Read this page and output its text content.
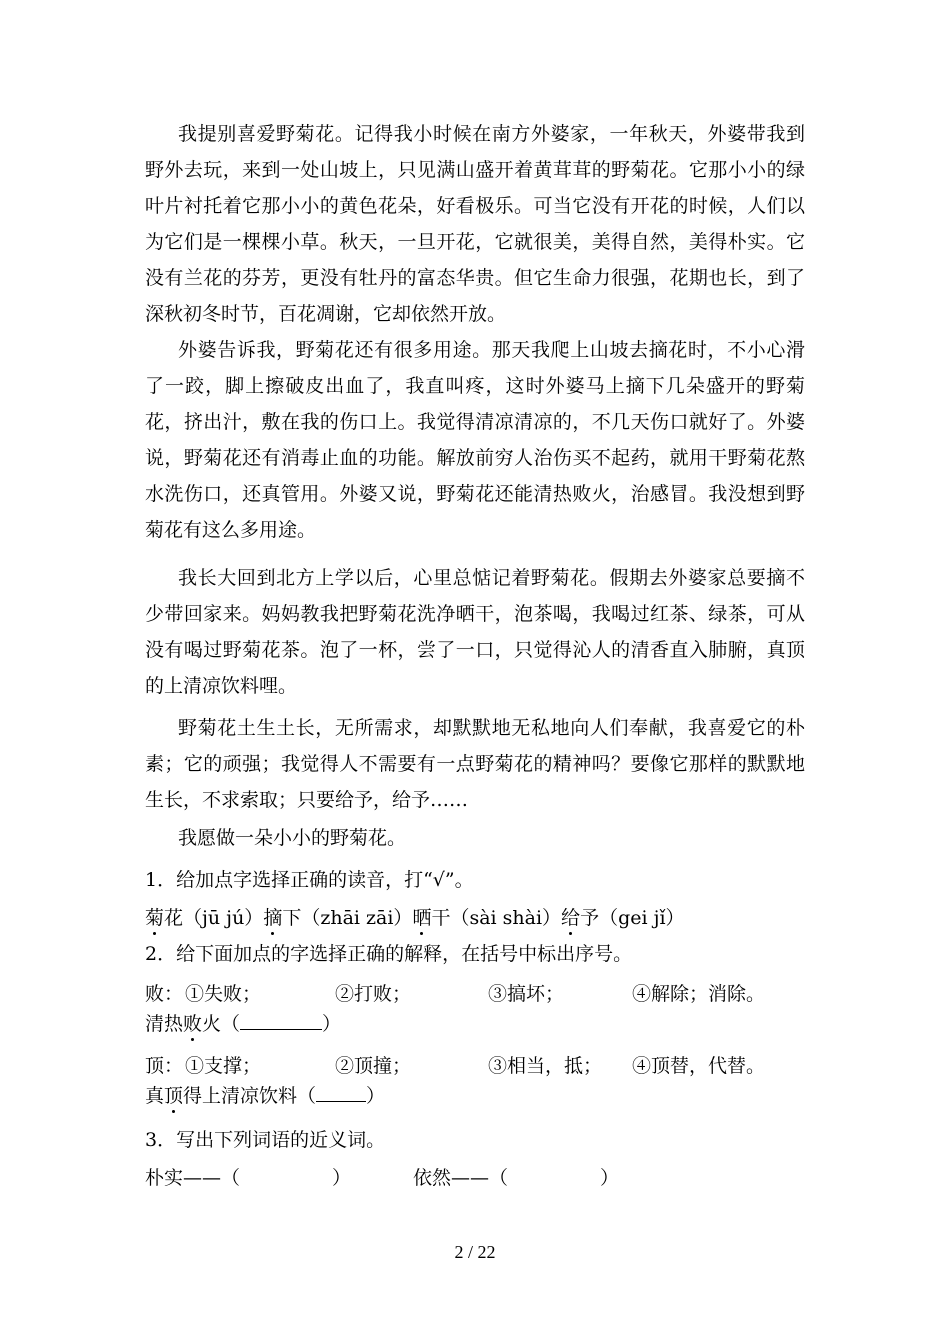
我提别喜爱野菊花。记得我小时候在南方外婆家，一年秋天，外婆带我到
野外去玩，来到一处山坡上，只见满山盛开着黄茸茸的野菊花。它那小小的绿
叶片衬托着它那小小的黄色花朵，好看极乐。可当它没有开花的时候，人们以
为它们是一棵棵小草。秋天，一旦开花，它就很美，美得自然，美得朴实。它
没有兰花的芬芳，更没有牡丹的富态华贵。但它生命力很强，花期也长，到了
深秋初冬时节，百花凋谢，它却依然开放。
外婆告诉我，野菊花还有很多用途。那天我爬上山坡去摘花时，不小心滑
了一跤，脚上擦破皮出血了，我直叫疼，这时外婆马上摘下几朵盛开的野菊
花，挤出汁，敷在我的伤口上。我觉得清凉清凉的，不几天伤口就好了。外婆
说，野菊花还有消毒止血的功能。解放前穷人治伤买不起药，就用干野菊花熬
水洗伤口，还真管用。外婆又说，野菊花还能清热败火，治感冒。我没想到野
菊花有这么多用途。
我长大回到北方上学以后，心里总惦记着野菊花。假期去外婆家总要摘不
少带回家来。妈妈教我把野菊花洗净晒干，泡茶喝，我喝过红茶、绿茶，可从
没有喝过野菊花茶。泡了一杯，尝了一口，只觉得沁人的清香直入肺腑，真顶
的上清凉饮料哩。
野菊花土生土长，无所需求，却默默地无私地向人们奉献，我喜爱它的朴
素；它的顽强；我觉得人不需要有一点野菊花的精神吗？要像它那样的默默地
生长，不求索取；只要给予，给予……
我愿做一朵小小的野菊花。
1．给加点字选择正确的读音，打“√”。
菊花（jū jú）摘下（zhāi zāi）晒干（sài shài）给予（gei jǐ）
2．给下面加点的字选择正确的解释，在括号中标出序号。
败： ①失败；	②打败；	③搞坏；	④解除；消除。
清热败火（	）
顶： ①支撑；	②顶撞；	③相当，抵； ④顶替，代替。
真顶得上清凉饮料（	）
3．写出下列词语的近义词。
朴实——（	）	依然——（	）
2 / 22
